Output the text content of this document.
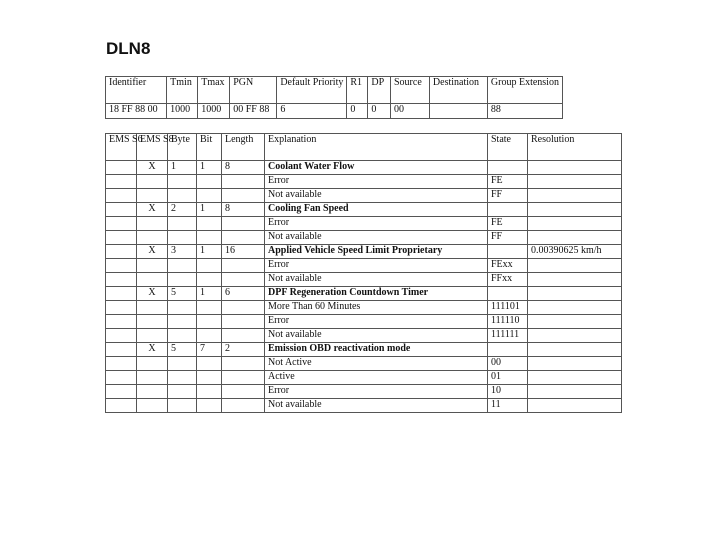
DLN8
Identifier	Tmin	Tmax	PGN	Default Priority	R1	DP	Source	Destination	Group Extension
18 FF 88 00	1000	1000	00 FF 88	6	0	0	00		88
EMS S6	EMS S8	Byte	Bit	Length	Explanation	State	Resolution
	X	1	1	8	Coolant Water Flow		
					Error	FE	
					Not available	FF	
	X	2	1	8	Cooling Fan Speed		
					Error	FE	
					Not available	FF	
	X	3	1	16	Applied Vehicle Speed Limit Proprietary		0.00390625 km/h
					Error	FExx	
					Not available	FFxx	
	X	5	1	6	DPF Regeneration Countdown Timer		
					More Than 60 Minutes	111101	
					Error	111110	
					Not available	111111	
	X	5	7	2	Emission OBD reactivation mode		
					Not Active	00	
					Active	01	
					Error	10	
					Not available	11	
